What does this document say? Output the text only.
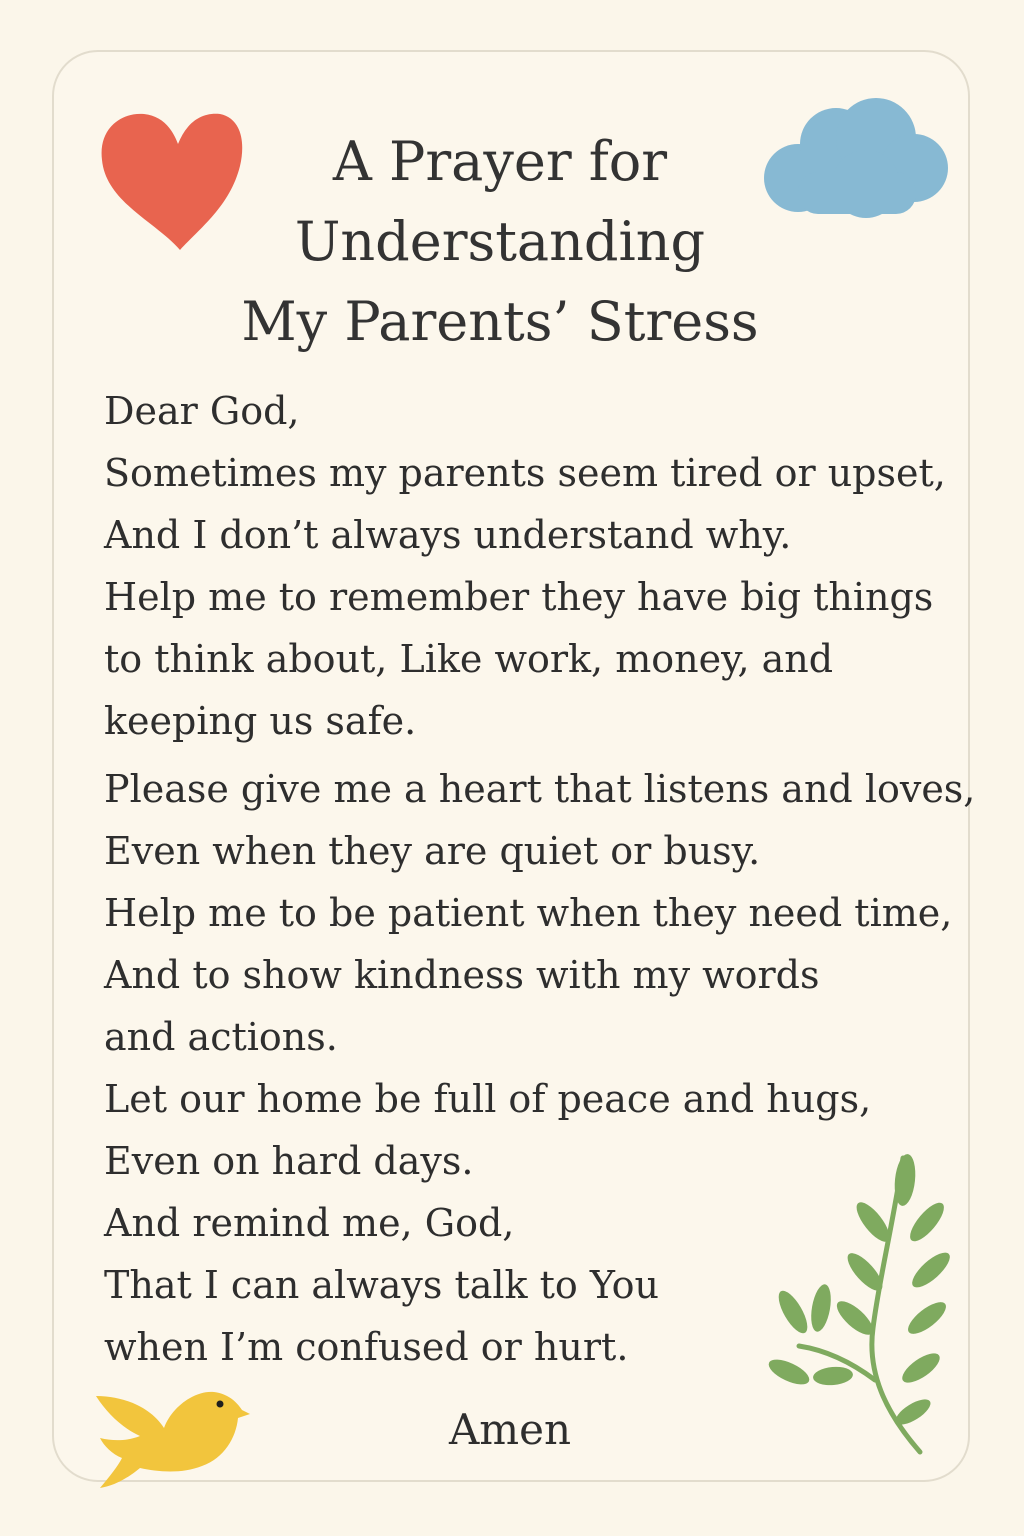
A Prayer for
Understanding
My Parents’ Stress
Dear God,
Sometimes my parents seem tired or upset,
And I don’t always understand why.
Help me to remember they have big things
to think about, Like work, money, and
keeping us safe.
Please give me a heart that listens and loves,
Even when they are quiet or busy.
Help me to be patient when they need time,
And to show kindness with my words
and actions.
Let our home be full of peace and hugs,
Even on hard days.
And remind me, God,
That I can always talk to You
when I’m confused or hurt.
Amen
